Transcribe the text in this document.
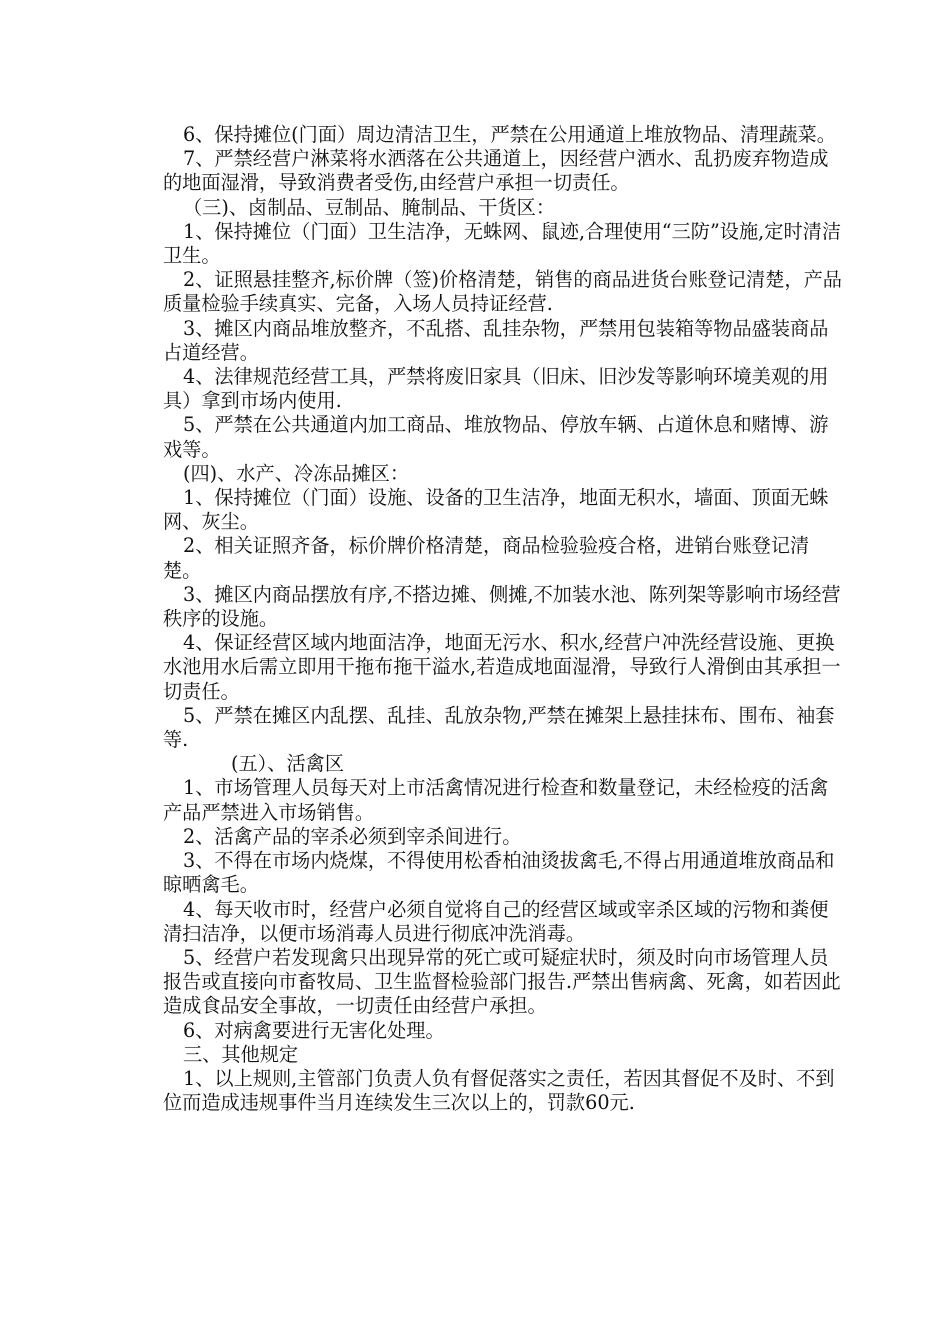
6、保持摊位(门面）周边清洁卫生，严禁在公用通道上堆放物品、清理蔬菜。

7、严禁经营户淋菜将水洒落在公共通道上，因经营户洒水、乱扔废弃物造成的地面湿滑，导致消费者受伤,由经营户承担一切责任。

（三)、卤制品、豆制品、腌制品、干货区：

1、保持摊位（门面）卫生洁净，无蛛网、鼠迹,合理使用“三防”设施,定时清洁卫生。

2、证照悬挂整齐,标价牌（签)价格清楚，销售的商品进货台账登记清楚，产品质量检验手续真实、完备，入场人员持证经营.

3、摊区内商品堆放整齐，不乱搭、乱挂杂物，严禁用包装箱等物品盛装商品占道经营。

4、法律规范经营工具，严禁将废旧家具（旧床、旧沙发等影响环境美观的用具）拿到市场内使用.

5、严禁在公共通道内加工商品、堆放物品、停放车辆、占道休息和赌博、游戏等。

(四)、水产、冷冻品摊区：

1、保持摊位（门面）设施、设备的卫生洁净，地面无积水，墙面、顶面无蛛网、灰尘。

2、相关证照齐备，标价牌价格清楚，商品检验验疫合格，进销台账登记清楚。

3、摊区内商品摆放有序,不搭边摊、侧摊,不加装水池、陈列架等影响市场经营秩序的设施。

4、保证经营区域内地面洁净，地面无污水、积水,经营户冲洗经营设施、更换水池用水后需立即用干拖布拖干溢水,若造成地面湿滑，导致行人滑倒由其承担一切责任。

5、严禁在摊区内乱摆、乱挂、乱放杂物,严禁在摊架上悬挂抹布、围布、袖套等.

(五）、活禽区

1、市场管理人员每天对上市活禽情况进行检查和数量登记，未经检疫的活禽产品严禁进入市场销售。

2、活禽产品的宰杀必须到宰杀间进行。

3、不得在市场内烧煤，不得使用松香柏油烫拔禽毛,不得占用通道堆放商品和晾晒禽毛。

4、每天收市时，经营户必须自觉将自己的经营区域或宰杀区域的污物和粪便清扫洁净，以便市场消毒人员进行彻底冲洗消毒。

5、经营户若发现禽只出现异常的死亡或可疑症状时，须及时向市场管理人员报告或直接向市畜牧局、卫生监督检验部门报告.严禁出售病禽、死禽，如若因此造成食品安全事故，一切责任由经营户承担。

6、对病禽要进行无害化处理。

三、其他规定

1、以上规则,主管部门负责人负有督促落实之责任，若因其督促不及时、不到位而造成违规事件当月连续发生三次以上的，罚款60元.
